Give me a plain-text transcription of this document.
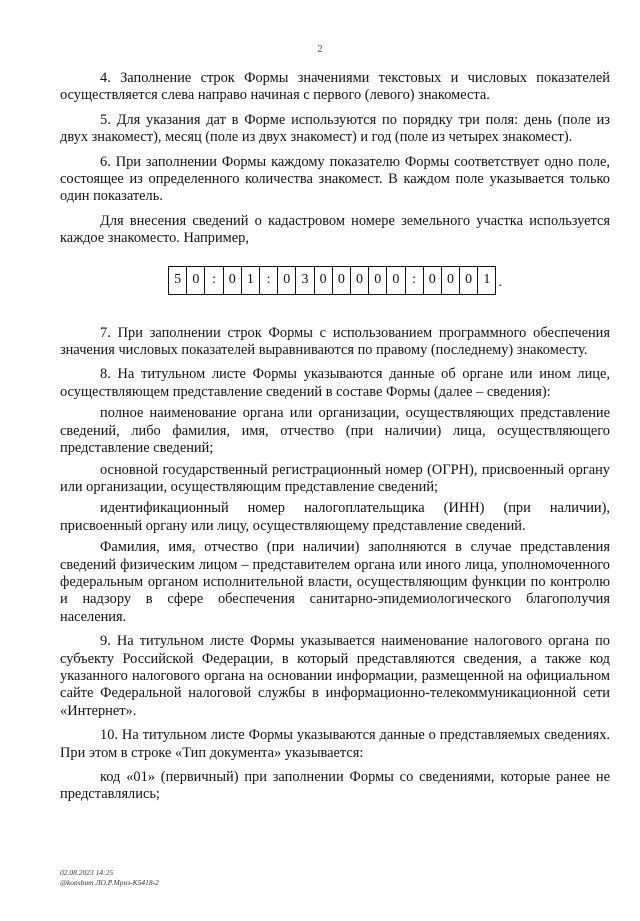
2

4. Заполнение строк Формы значениями текстовых и числовых показателей осуществляется слева направо начиная с первого (левого) знакоместа.

5. Для указания дат в Форме используются по порядку три поля: день (поле из двух знакомест), месяц (поле из двух знакомест) и год (поле из четырех знакомест).

6. При заполнении Формы каждому показателю Формы соответствует одно поле, состоящее из определенного количества знакомест. В каждом поле указывается только один показатель.

Для внесения сведений о кадастровом номере земельного участка используется каждое знакоместо. Например,

5 0 : 0 1 : 0 3 0 0 0 0 0 : 0 0 0 1 .

7. При заполнении строк Формы с использованием программного обеспечения значения числовых показателей выравниваются по правому (последнему) знакоместу.

8. На титульном листе Формы указываются данные об органе или ином лице, осуществляющем представление сведений в составе Формы (далее – сведения):

полное наименование органа или организации, осуществляющих представление сведений, либо фамилия, имя, отчество (при наличии) лица, осуществляющего представление сведений;

основной государственный регистрационный номер (ОГРН), присвоенный органу или организации, осуществляющим представление сведений;

идентификационный номер налогоплательщика (ИНН) (при наличии), присвоенный органу или лицу, осуществляющему представление сведений.

Фамилия, имя, отчество (при наличии) заполняются в случае представления сведений физическим лицом – представителем органа или иного лица, уполномоченного федеральным органом исполнительной власти, осуществляющим функции по контролю и надзору в сфере обеспечения санитарно-эпидемиологического благополучия населения.

9. На титульном листе Формы указывается наименование налогового органа по субъекту Российской Федерации, в который представляются сведения, а также код указанного налогового органа на основании информации, размещенной на официальном сайте Федеральной налоговой службы в информационно-телекоммуникационной сети «Интернет».

10. На титульном листе Формы указываются данные о представляемых сведениях. При этом в строке «Тип документа» указывается:

код «01» (первичный) при заполнении Формы со сведениями, которые ранее не представлялись;

02.08.2023 14:25
@konsbum ЛО.Р.Мрнз-К5418-2
